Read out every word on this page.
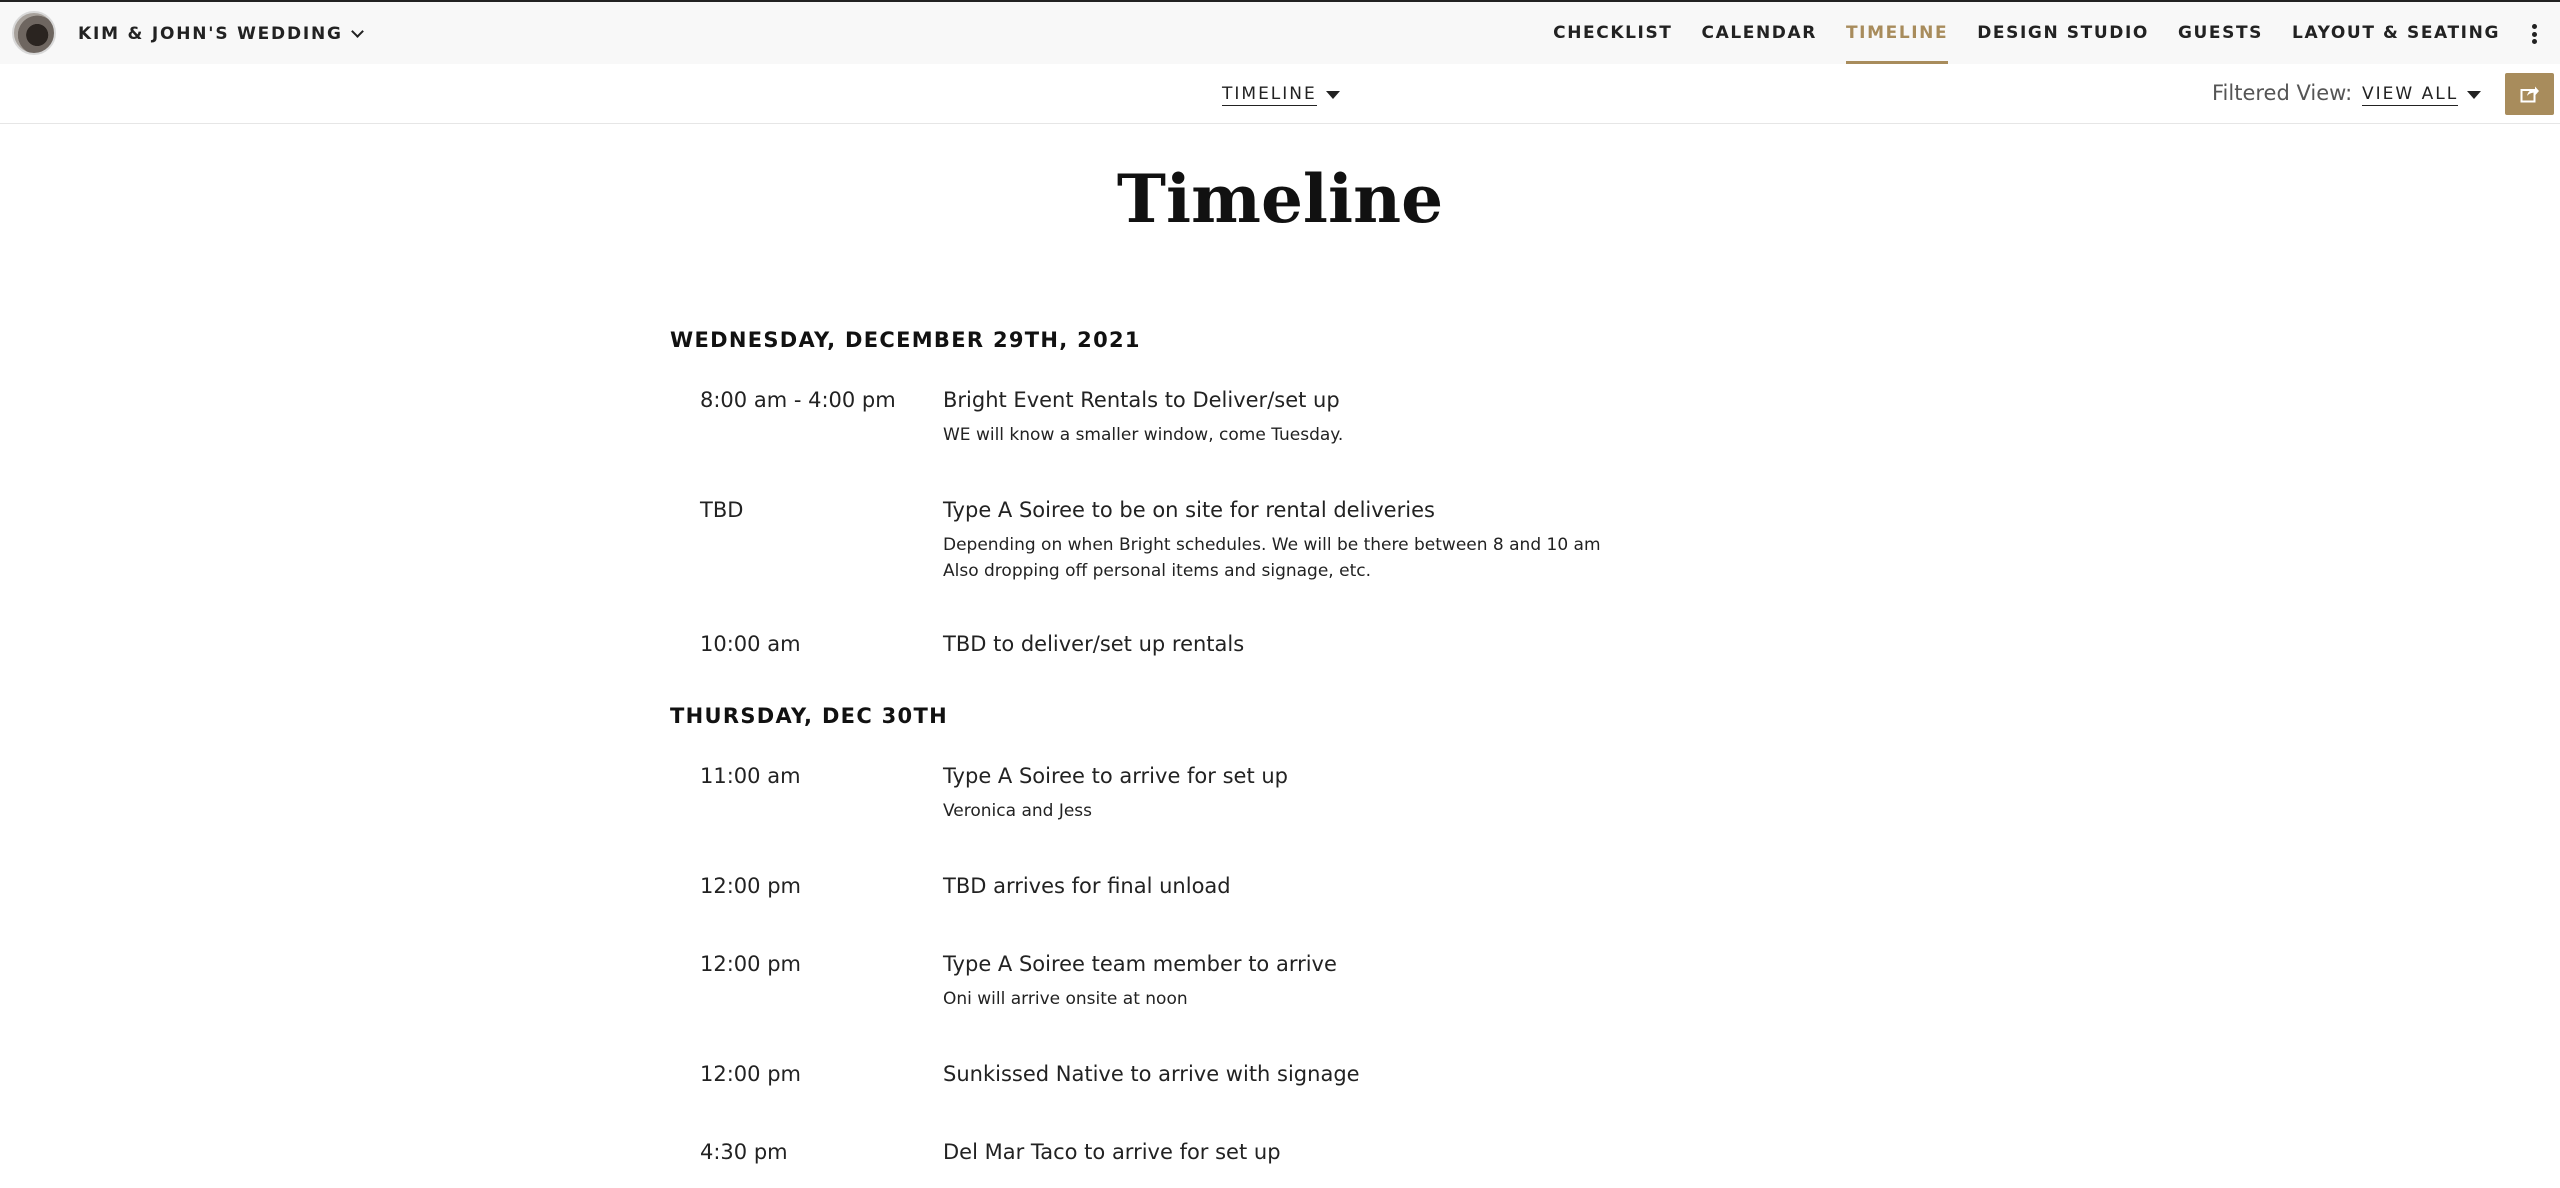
KIM & JOHN'S WEDDING	CHECKLIST CALENDAR TIMELINE DESIGN STUDIO GUESTS LAYOUT & SEATING
TIMELINE	Filtered View: VIEW ALL
Timeline
WEDNESDAY, DECEMBER 29TH, 2021
8:00 am - 4:00 pm Bright Event Rentals to Deliver/set up
WE will know a smaller window, come Tuesday.
TBD	Type A Soiree to be on site for rental deliveries
Depending on when Bright schedules. We will be there between 8 and 10 am
Also dropping off personal items and signage, etc.
10:00 am	TBD to deliver/set up rentals
THURSDAY, DEC 30TH
11:00 am	Type A Soiree to arrive for set up
Veronica and Jess
12:00 pm	TBD arrives for final unload
12:00 pm	Type A Soiree team member to arrive
Oni will arrive onsite at noon
12:00 pm	Sunkissed Native to arrive with signage
4:30 pm	Del Mar Taco to arrive for set up
